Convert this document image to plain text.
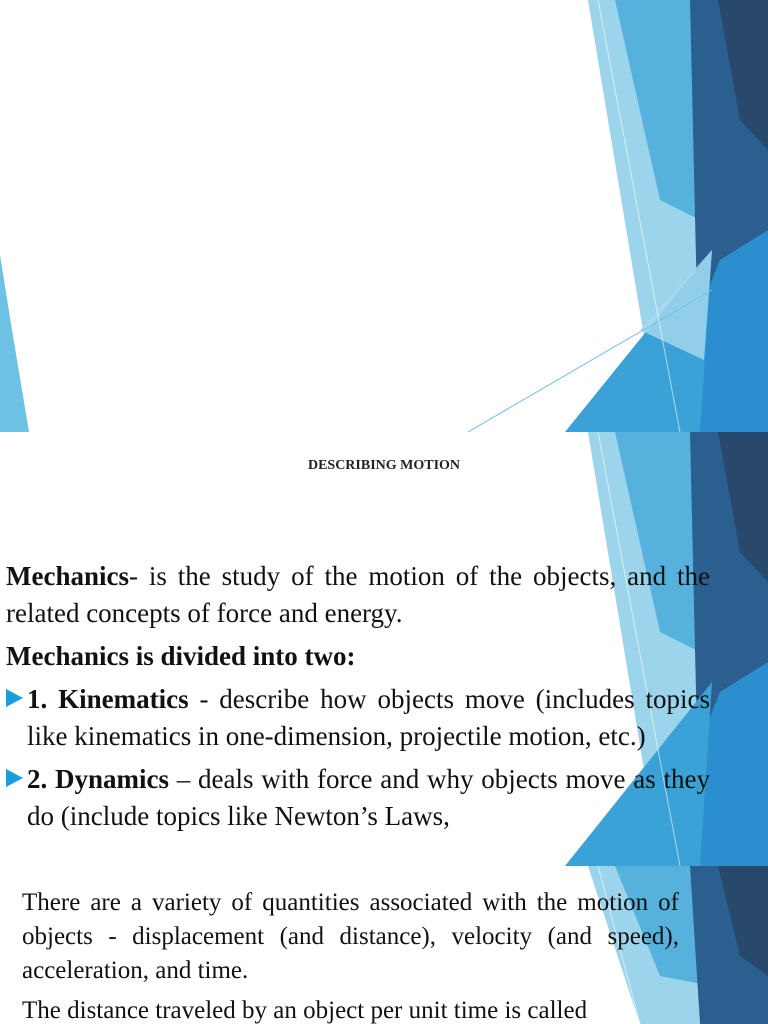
DESCRIBING MOTION

Mechanics- is the study of the motion of the objects, and the related concepts of force and energy.

Mechanics is divided into two:

1. Kinematics - describe how objects move (includes topics like kinematics in one-dimension, projectile motion, etc.)

2. Dynamics – deals with force and why objects move as they do (include topics like Newton’s Laws,

There are a variety of quantities associated with the motion of objects - displacement (and distance), velocity (and speed), acceleration, and time.

The distance traveled by an object per unit time is called
